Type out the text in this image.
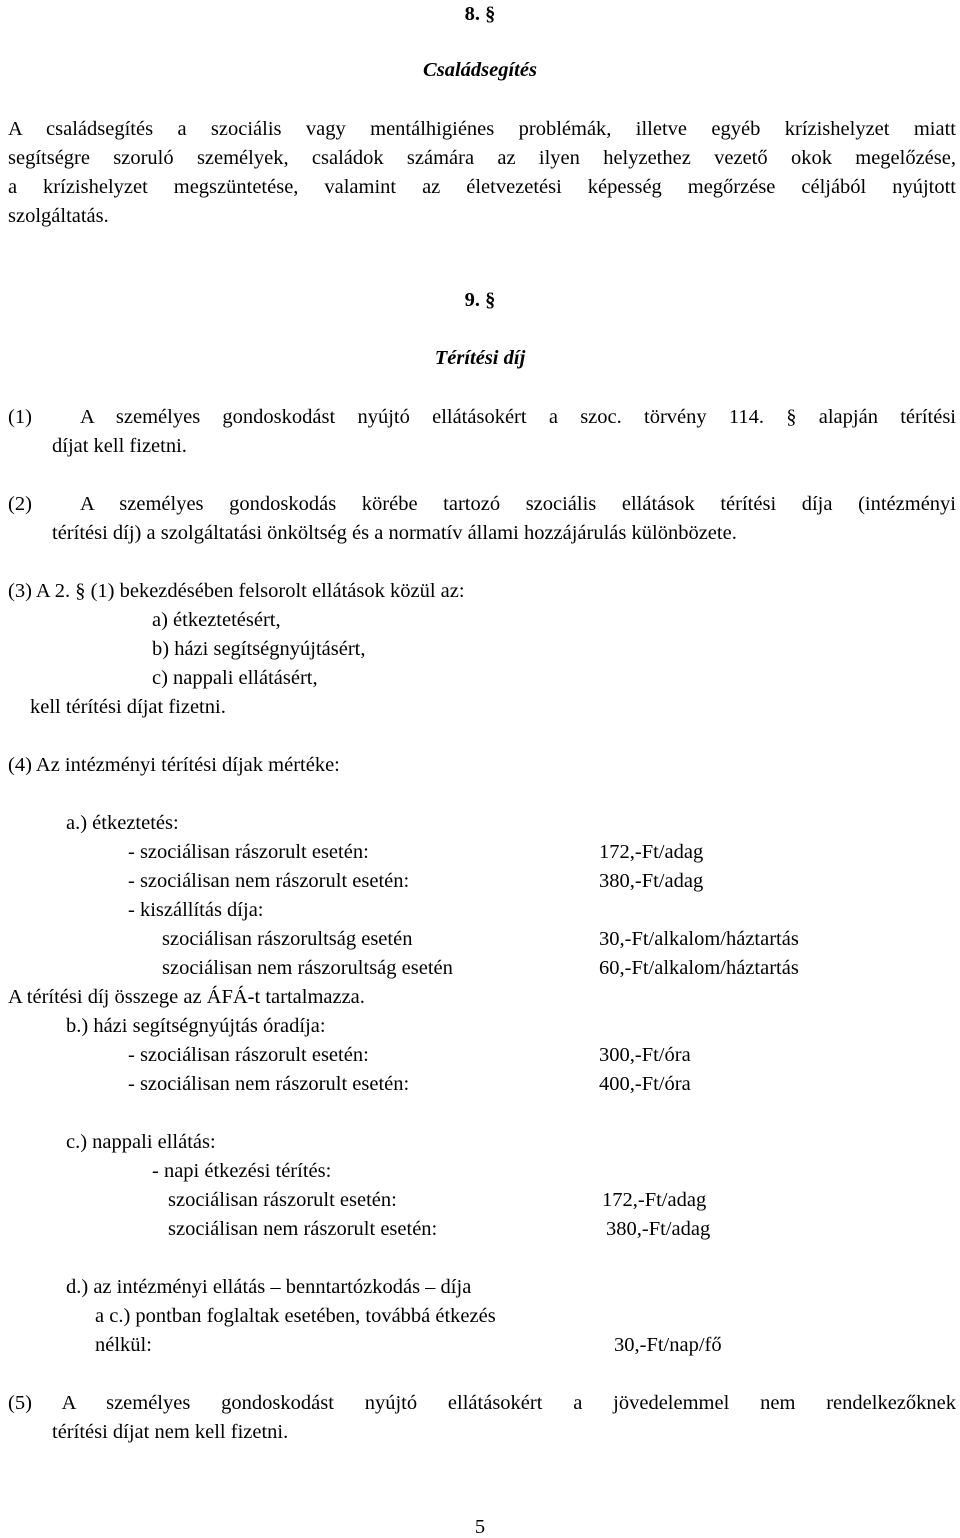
8. §
Családsegítés
A családsegítés a szociális vagy mentálhigiénes problémák, illetve egyéb krízishelyzet miatt
segítségre szoruló személyek, családok számára az ilyen helyzethez vezető okok megelőzése,
a krízishelyzet megszüntetése, valamint az életvezetési képesség megőrzése céljából nyújtott
szolgáltatás.
9. §
Térítési díj
(1) A személyes gondoskodást nyújtó ellátásokért a szoc. törvény 114. § alapján térítési
díjat kell fizetni.
(2) A személyes gondoskodás körébe tartozó szociális ellátások térítési díja (intézményi
térítési díj) a szolgáltatási önköltség és a normatív állami hozzájárulás különbözete.
(3) A 2. § (1) bekezdésében felsorolt ellátások közül az:
a) étkeztetésért,
b) házi segítségnyújtásért,
c) nappali ellátásért,
kell térítési díjat fizetni.
(4) Az intézményi térítési díjak mértéke:
a.) étkeztetés:
- szociálisan rászorult esetén:	172,-Ft/adag
- szociálisan nem rászorult esetén:	380,-Ft/adag
- kiszállítás díja:
szociálisan rászorultság esetén	30,-Ft/alkalom/háztartás
szociálisan nem rászorultság esetén	60,-Ft/alkalom/háztartás
A térítési díj összege az ÁFÁ-t tartalmazza.
b.) házi segítségnyújtás óradíja:
- szociálisan rászorult esetén:	300,-Ft/óra
- szociálisan nem rászorult esetén:	400,-Ft/óra
c.) nappali ellátás:
- napi étkezési térítés:
szociálisan rászorult esetén:	172,-Ft/adag
szociálisan nem rászorult esetén:	380,-Ft/adag
d.) az intézményi ellátás – benntartózkodás – díja
a c.) pontban foglaltak esetében, továbbá étkezés
nélkül:	30,-Ft/nap/fő
(5) A személyes gondoskodást nyújtó ellátásokért a jövedelemmel nem rendelkezőknek
térítési díjat nem kell fizetni.
5
